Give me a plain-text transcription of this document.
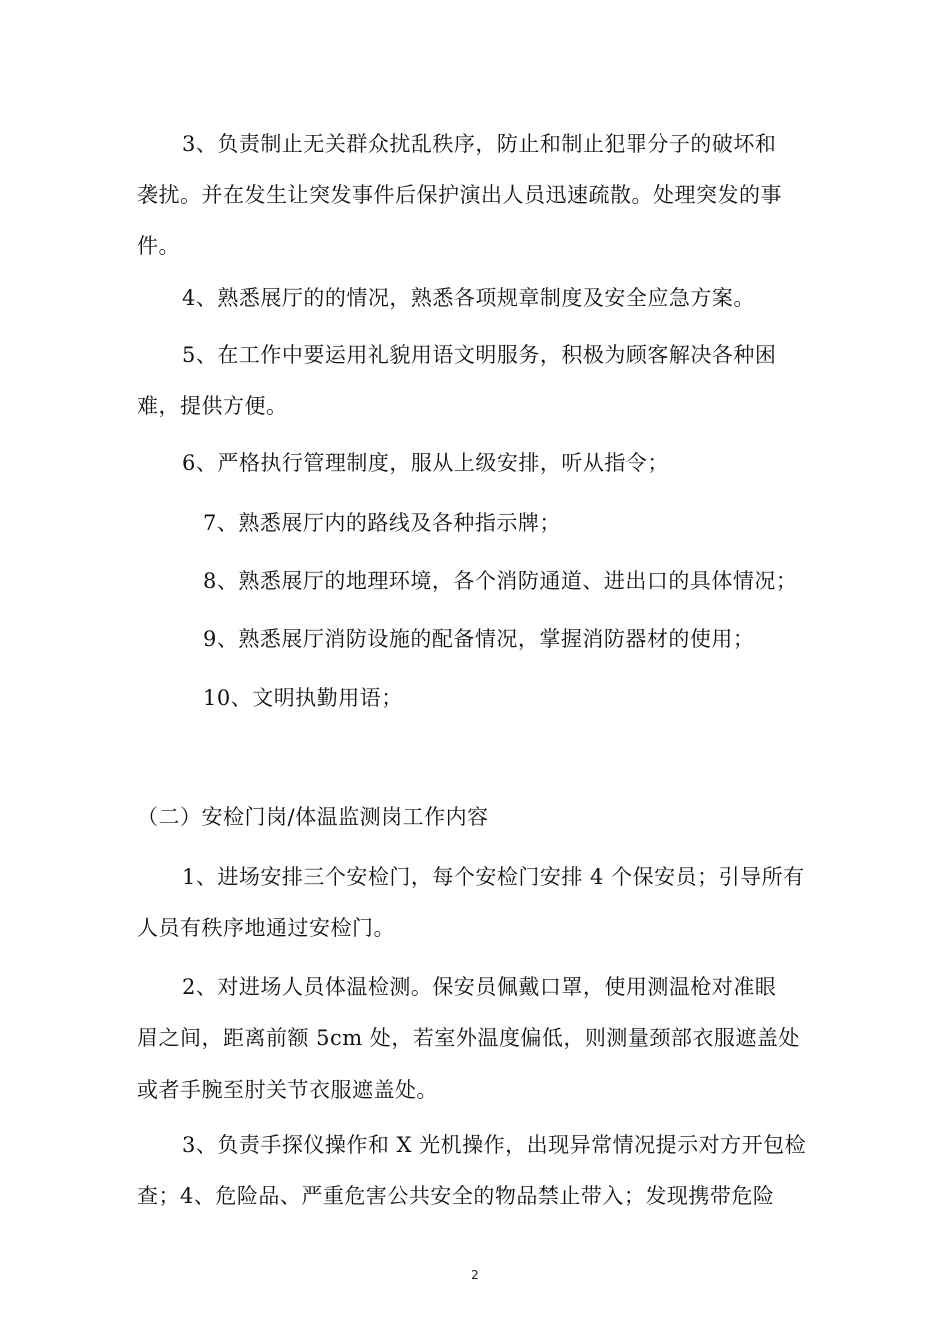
3、负责制止无关群众扰乱秩序，防止和制止犯罪分子的破坏和
袭扰。并在发生让突发事件后保护演出人员迅速疏散。处理突发的事
件。
4、熟悉展厅的的情况，熟悉各项规章制度及安全应急方案。
5、在工作中要运用礼貌用语文明服务，积极为顾客解决各种困
难，提供方便。
6、严格执行管理制度，服从上级安排，听从指令；
7、熟悉展厅内的路线及各种指示牌；
8、熟悉展厅的地理环境，各个消防通道、进出口的具体情况；
9、熟悉展厅消防设施的配备情况，掌握消防器材的使用；
10、文明执勤用语；
（二）安检门岗/体温监测岗工作内容
1、进场安排三个安检门，每个安检门安排 4 个保安员；引导所有
人员有秩序地通过安检门。
2、对进场人员体温检测。保安员佩戴口罩，使用测温枪对准眼
眉之间，距离前额 5cm 处，若室外温度偏低，则测量颈部衣服遮盖处
或者手腕至肘关节衣服遮盖处。
3、负责手探仪操作和 X 光机操作，出现异常情况提示对方开包检
查；4、危险品、严重危害公共安全的物品禁止带入；发现携带危险
2
